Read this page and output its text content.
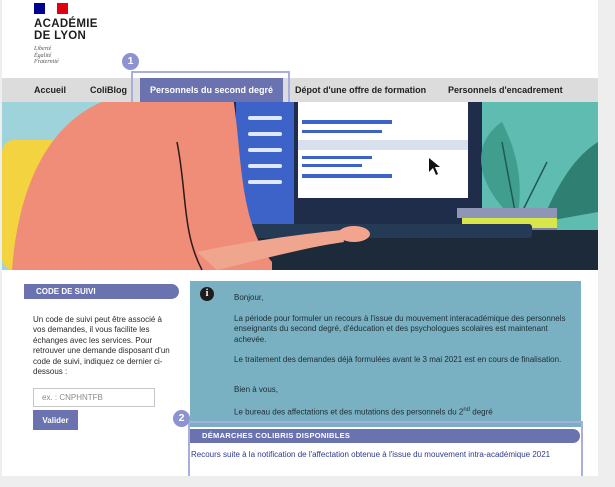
ACADÉMIE
DE LYON
Liberté
Égalité
Fraternité
Accueil	ColiBlog	Personnels du second degré	Dépot d'une offre de formation Personnels d'encadrement
1
CODE DE SUIVI
Un code de suivi peut être associé à vos demandes, il vous facilite les échanges avec les services. Pour retrouver une demande disposant d'un code de suivi, indiquez ce dernier ci-dessous :
ex. : CNPHNTFB
Valider
i	Bonjour,
La période pour formuler un recours à l'issue du mouvement interacadémique des personnels enseignants du second degré, d'éducation et des psychologues scolaires est maintenant achevée.
Le traitement des demandes déjà formulées avant le 3 mai 2021 est en cours de finalisation.
Bien à vous,
Le bureau des affectations et des mutations des personnels du 2nd degré
DÉMARCHES COLIBRIS DISPONIBLES
Recours suite à la notification de l'affectation obtenue à l'issue du mouvement intra-académique 2021
2
